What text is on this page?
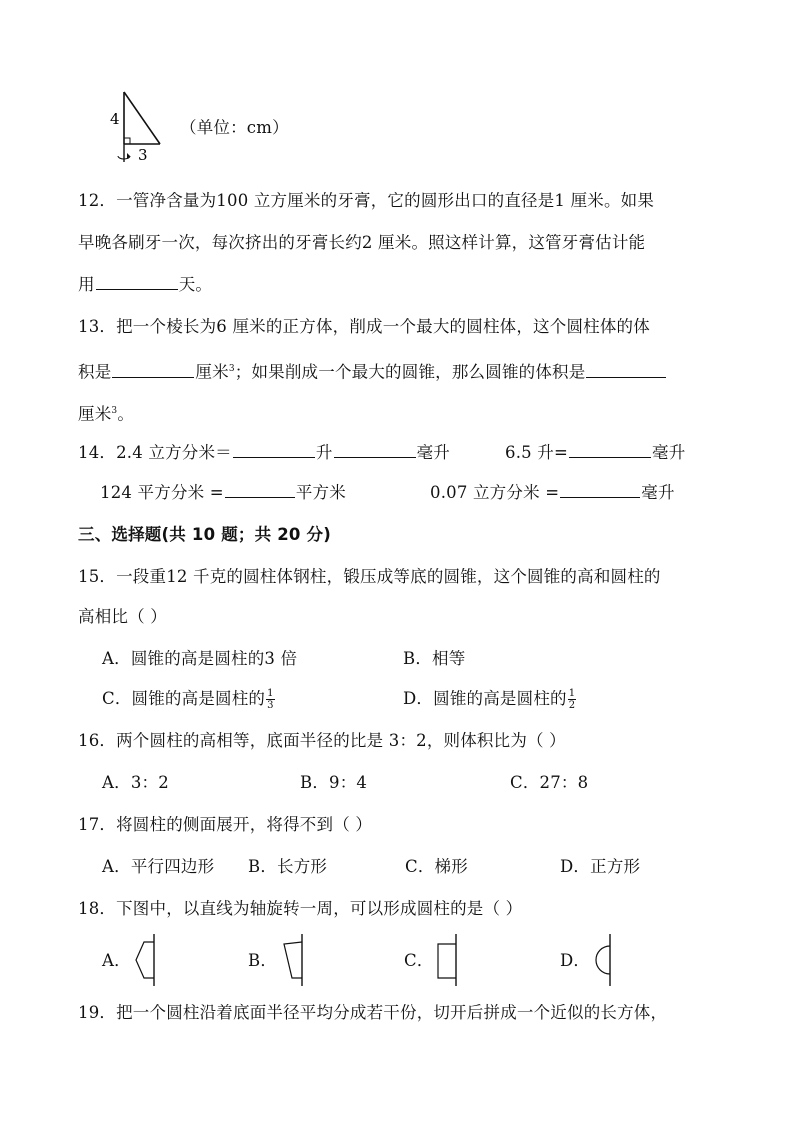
4
3
（单位：cm）
12．一管净含量为100 立方厘米的牙膏，它的圆形出口的直径是1 厘米。如果
早晚各刷牙一次，每次挤出的牙膏长约2 厘米。照这样计算，这管牙膏估计能
用	天。
13．把一个棱长为6 厘米的正方体，削成一个最大的圆柱体，这个圆柱体的体
积是	厘米$^3$；如果削成一个最大的圆锥，那么圆锥的体积是
厘米$^3$。
14．2.4 立方分米＝	升	毫升	6.5 升=	毫升
124 平方分米 =	平方米	0.07 立方分米 =	毫升
三、选择题(共 10 题；共 20 分)
15．一段重12 千克的圆柱体钢柱，锻压成等底的圆锥，这个圆锥的高和圆柱的
高相比（ ）
A．圆锥的高是圆柱的3 倍	B．相等
C．圆锥的高是圆柱的 $\frac{1}{3}$	D．圆锥的高是圆柱的 $\frac{1}{2}$
16．两个圆柱的高相等，底面半径的比是 3：2，则体积比为（ ）
A．3：2	B．9：4	C．27：8
17．将圆柱的侧面展开，将得不到（ ）
A．平行四边形 B．长方形	C．梯形	D．正方形
18．下图中，以直线为轴旋转一周，可以形成圆柱的是（ ）
A．	B．	C．	D．
19．把一个圆柱沿着底面半径平均分成若干份，切开后拼成一个近似的长方体，
